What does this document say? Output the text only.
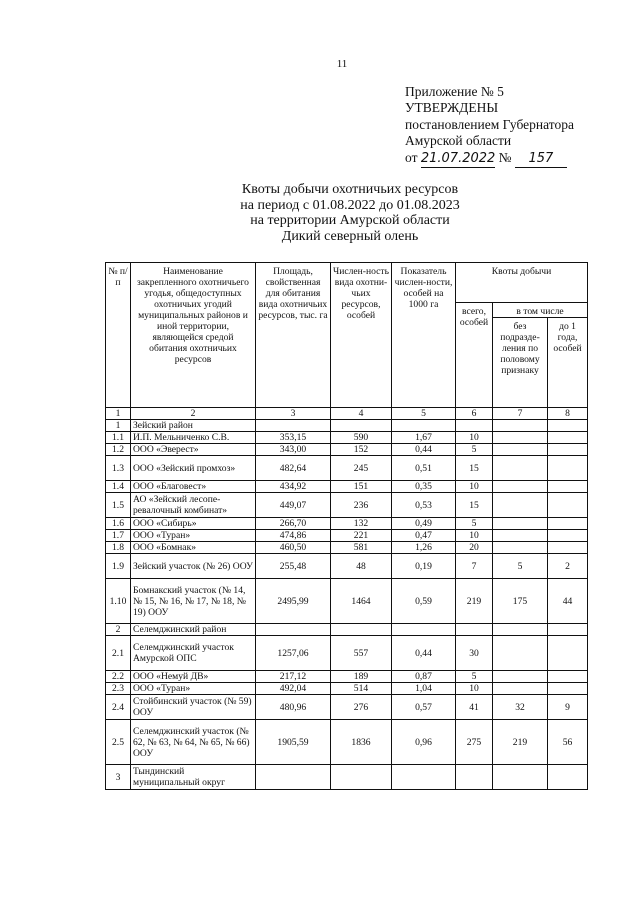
11
Приложение № 5
УТВЕРЖДЕНЫ
постановлением Губернатора
Амурской области
от 21.07.2022 № 157
Квоты добычи охотничьих ресурсов
на период с 01.08.2022 до 01.08.2023
на территории Амурской области
Дикий северный олень
№ п/п	Наименование закрепленного охотничьего угодья, общедоступных охотничьих угодий муниципальных районов и иной территории, являющейся средой обитания охотничьих ресурсов	Площадь, свойственная для обитания вида охотничьих ресурсов, тыс. га	Числен-ность вида охотни-чьих ресурсов, особей	Показатель числен-ности, особей на 1000 га	Квоты добычи		
					всего, особей	в том числе	
						без подразде-ления по половому признаку	до 1 года, особей
1	2	3	4	5	6	7	8
1	Зейский район						
1.1	И.П. Мельниченко С.В.	353,15	590	1,67	10		
1.2	ООО «Эверест»	343,00	152	0,44	5		
1.3	ООО «Зейский промхоз»	482,64	245	0,51	15		
1.4	ООО «Благовест»	434,92	151	0,35	10		
1.5	АО «Зейский лесопе-ревалочный комбинат»	449,07	236	0,53	15		
1.6	ООО «Сибирь»	266,70	132	0,49	5		
1.7	ООО «Туран»	474,86	221	0,47	10		
1.8	ООО «Бомнак»	460,50	581	1,26	20		
1.9	Зейский участок (№ 26) ООУ	255,48	48	0,19	7	5	2
1.10	Бомнакский участок (№ 14, № 15, № 16, № 17, № 18, № 19) ООУ	2495,99	1464	0,59	219	175	44
2	Селемджинский район						
2.1	Селемджинский участок Амурской ОПС	1257,06	557	0,44	30		
2.2	ООО «Немуй ДВ»	217,12	189	0,87	5		
2.3	ООО «Туран»	492,04	514	1,04	10		
2.4	Стойбинский участок (№ 59) ООУ	480,96	276	0,57	41	32	9
2.5	Селемджинский участок (№ 62, № 63, № 64, № 65, № 66) ООУ	1905,59	1836	0,96	275	219	56
3	Тындинский муниципальный округ						
